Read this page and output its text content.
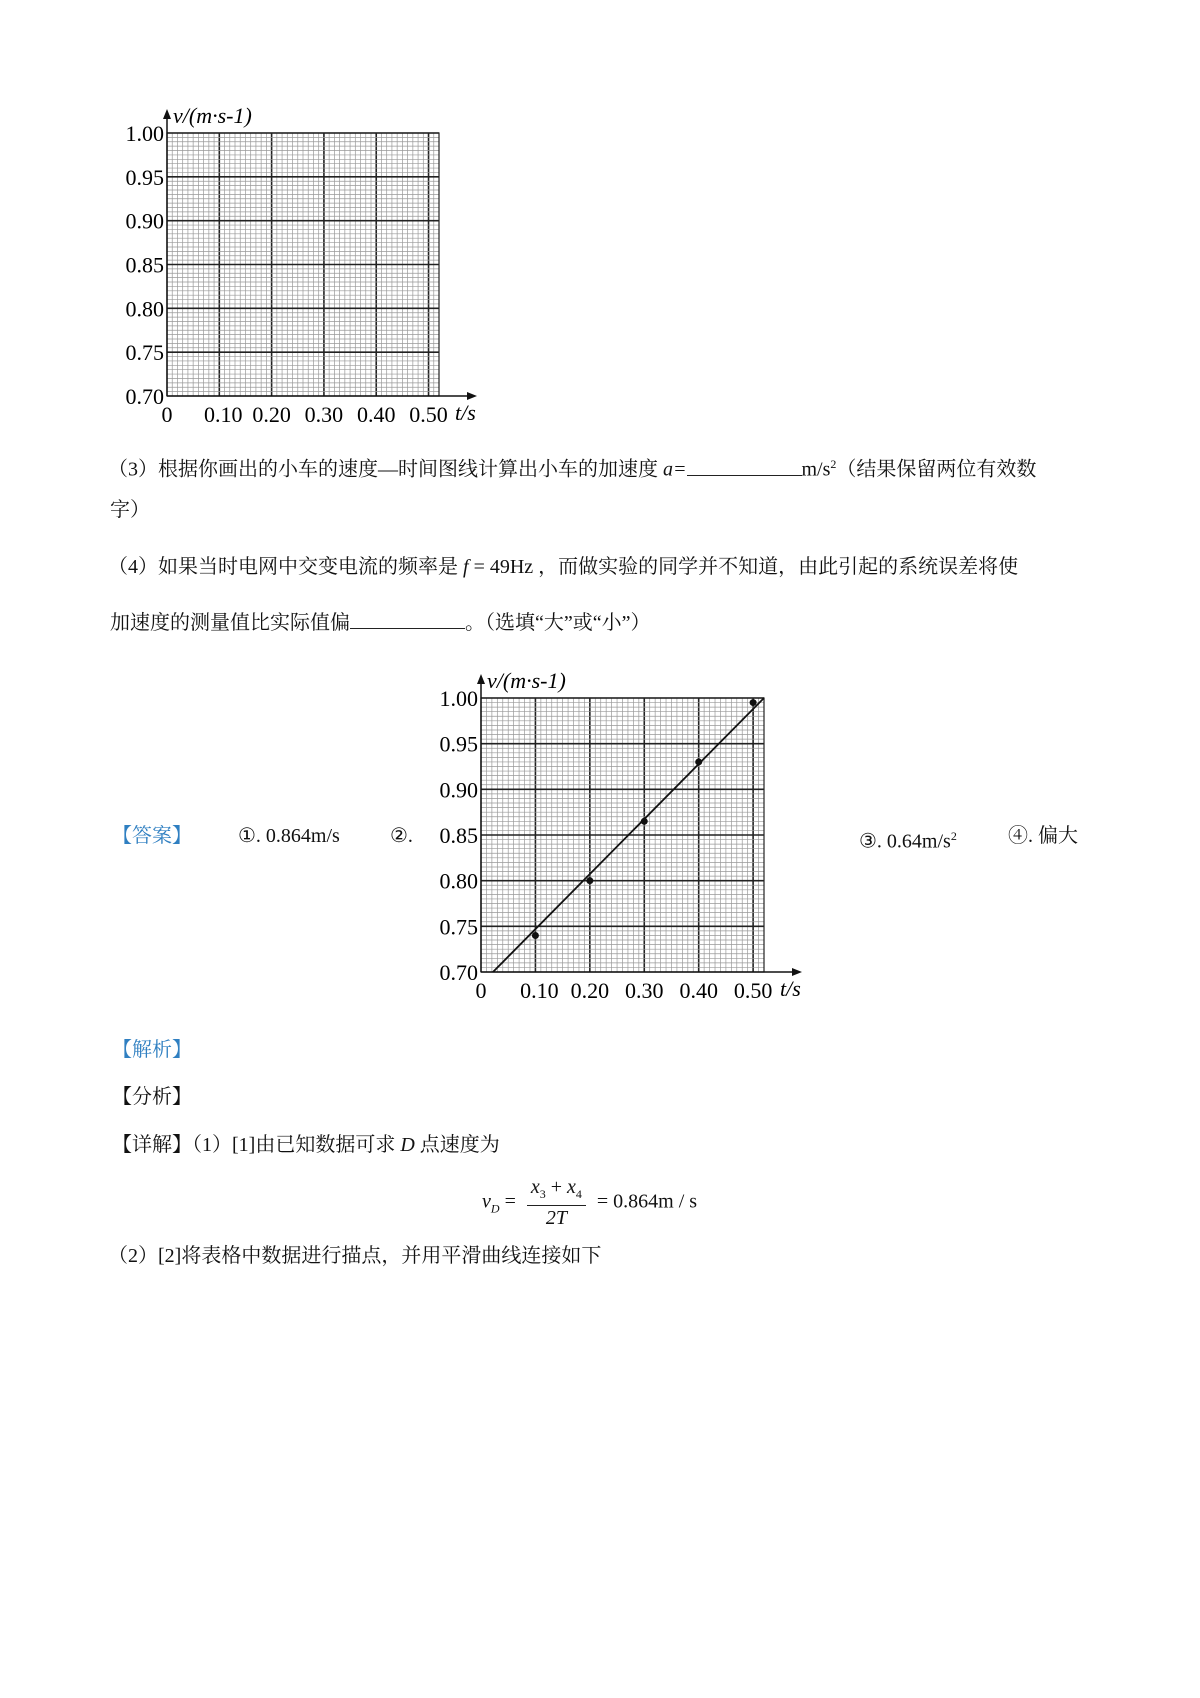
0.70
0.75
0.80
0.85
0.90
0.95
1.00
0 0.10 0.20 0.30 0.40 0.50
v/(m·s-1)
t/s
0.70
0.75
0.80
0.85
0.90
0.95
1.00
0 0.10 0.20 0.30 0.40 0.50
v/(m·s-1)
t/s
（3）根据你画出的小车的速度—时间图线计算出小车的加速度 a=	$m/s^2$（结果保留两位有效数
字）
（4）如果当时电网中交变电流的频率是 f = 49Hz ，而做实验的同学并不知道，由此引起的系统误差将使
加速度的测量值比实际值偏	。（选填“大”或“小”）
【答案】 ①. 0.864m/s	②.	③. $0.64m/s^2$	④. 偏大
【解析】
【分析】
【详解】（1）[1]由已知数据可求 D 点速度为
$v_D = \frac{x_3 + x_4}{2T} = 0.864m / s$
（2）[2]将表格中数据进行描点，并用平滑曲线连接如下
